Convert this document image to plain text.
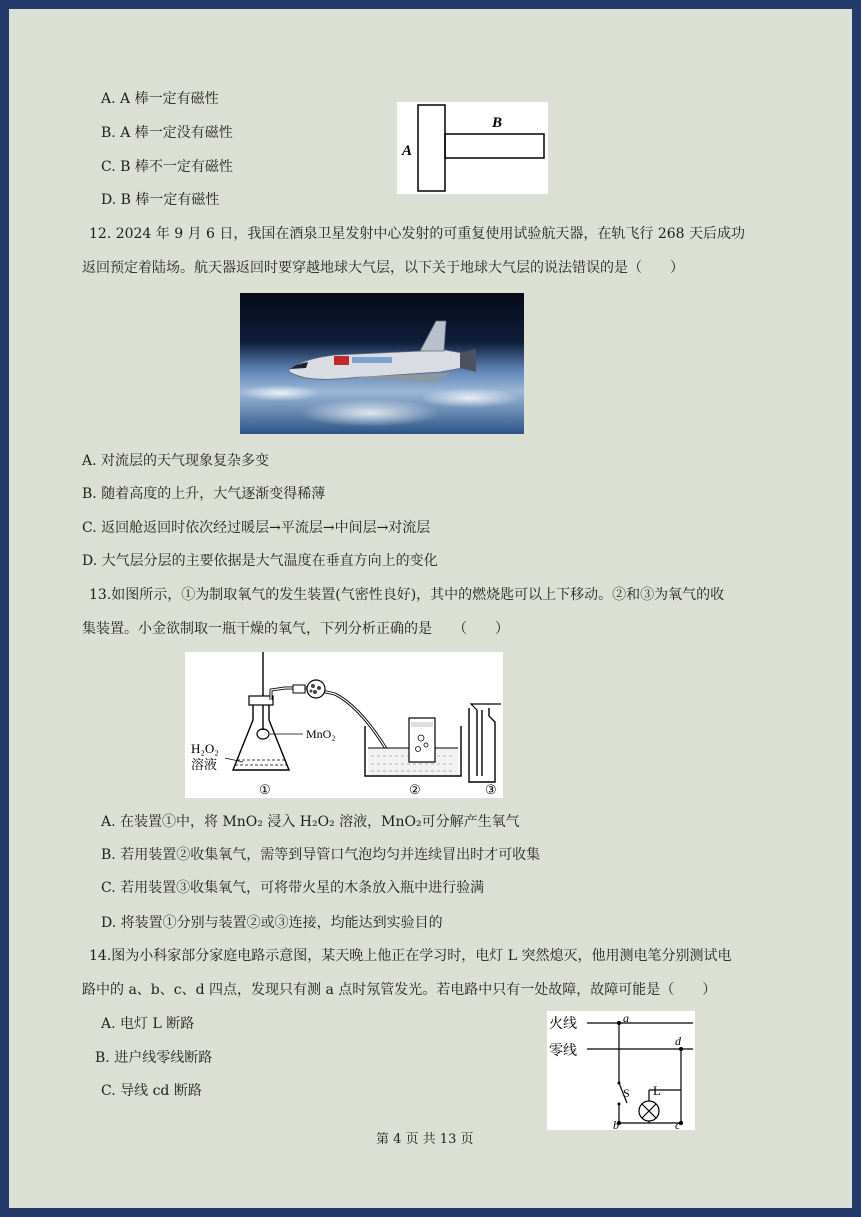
A. A 棒一定有磁性
B. A 棒一定没有磁性
C. B 棒不一定有磁性
D. B 棒一定有磁性
A
B
12. 2024 年 9 月 6 日，我国在酒泉卫星发射中心发射的可重复使用试验航天器，在轨飞行 268 天后成功
返回预定着陆场。航天器返回时要穿越地球大气层，以下关于地球大气层的说法错误的是（　　）
A. 对流层的天气现象复杂多变
B. 随着高度的上升，大气逐渐变得稀薄
C. 返回舱返回时依次经过暖层→平流层→中间层→对流层
D. 大气层分层的主要依据是大气温度在垂直方向上的变化
13.如图所示，①为制取氧气的发生装置(气密性良好)，其中的燃烧匙可以上下移动。②和③为氧气的收
集装置。小金欲制取一瓶干燥的氧气，下列分析正确的是　　（　　）
H₂O₂
溶液
MnO₂
①	②	③
A. 在装置①中，将 MnO₂ 浸入 H₂O₂ 溶液，MnO₂可分解产生氧气
B. 若用装置②收集氧气，需等到导管口气泡均匀并连续冒出时才可收集
C. 若用装置③收集氧气，可将带火星的木条放入瓶中进行验满
D. 将装置①分别与装置②或③连接，均能达到实验目的
14.图为小科家部分家庭电路示意图，某天晚上他正在学习时，电灯 L 突然熄灭，他用测电笔分别测试电
路中的 a、b、c、d 四点，发现只有测 a 点时氖管发光。若电路中只有一处故障，故障可能是（　　）
A. 电灯 L 断路
B. 进户线零线断路
C. 导线 cd 断路
火线
零线
a
d
b	c
S L
第 4 页 共 13 页
